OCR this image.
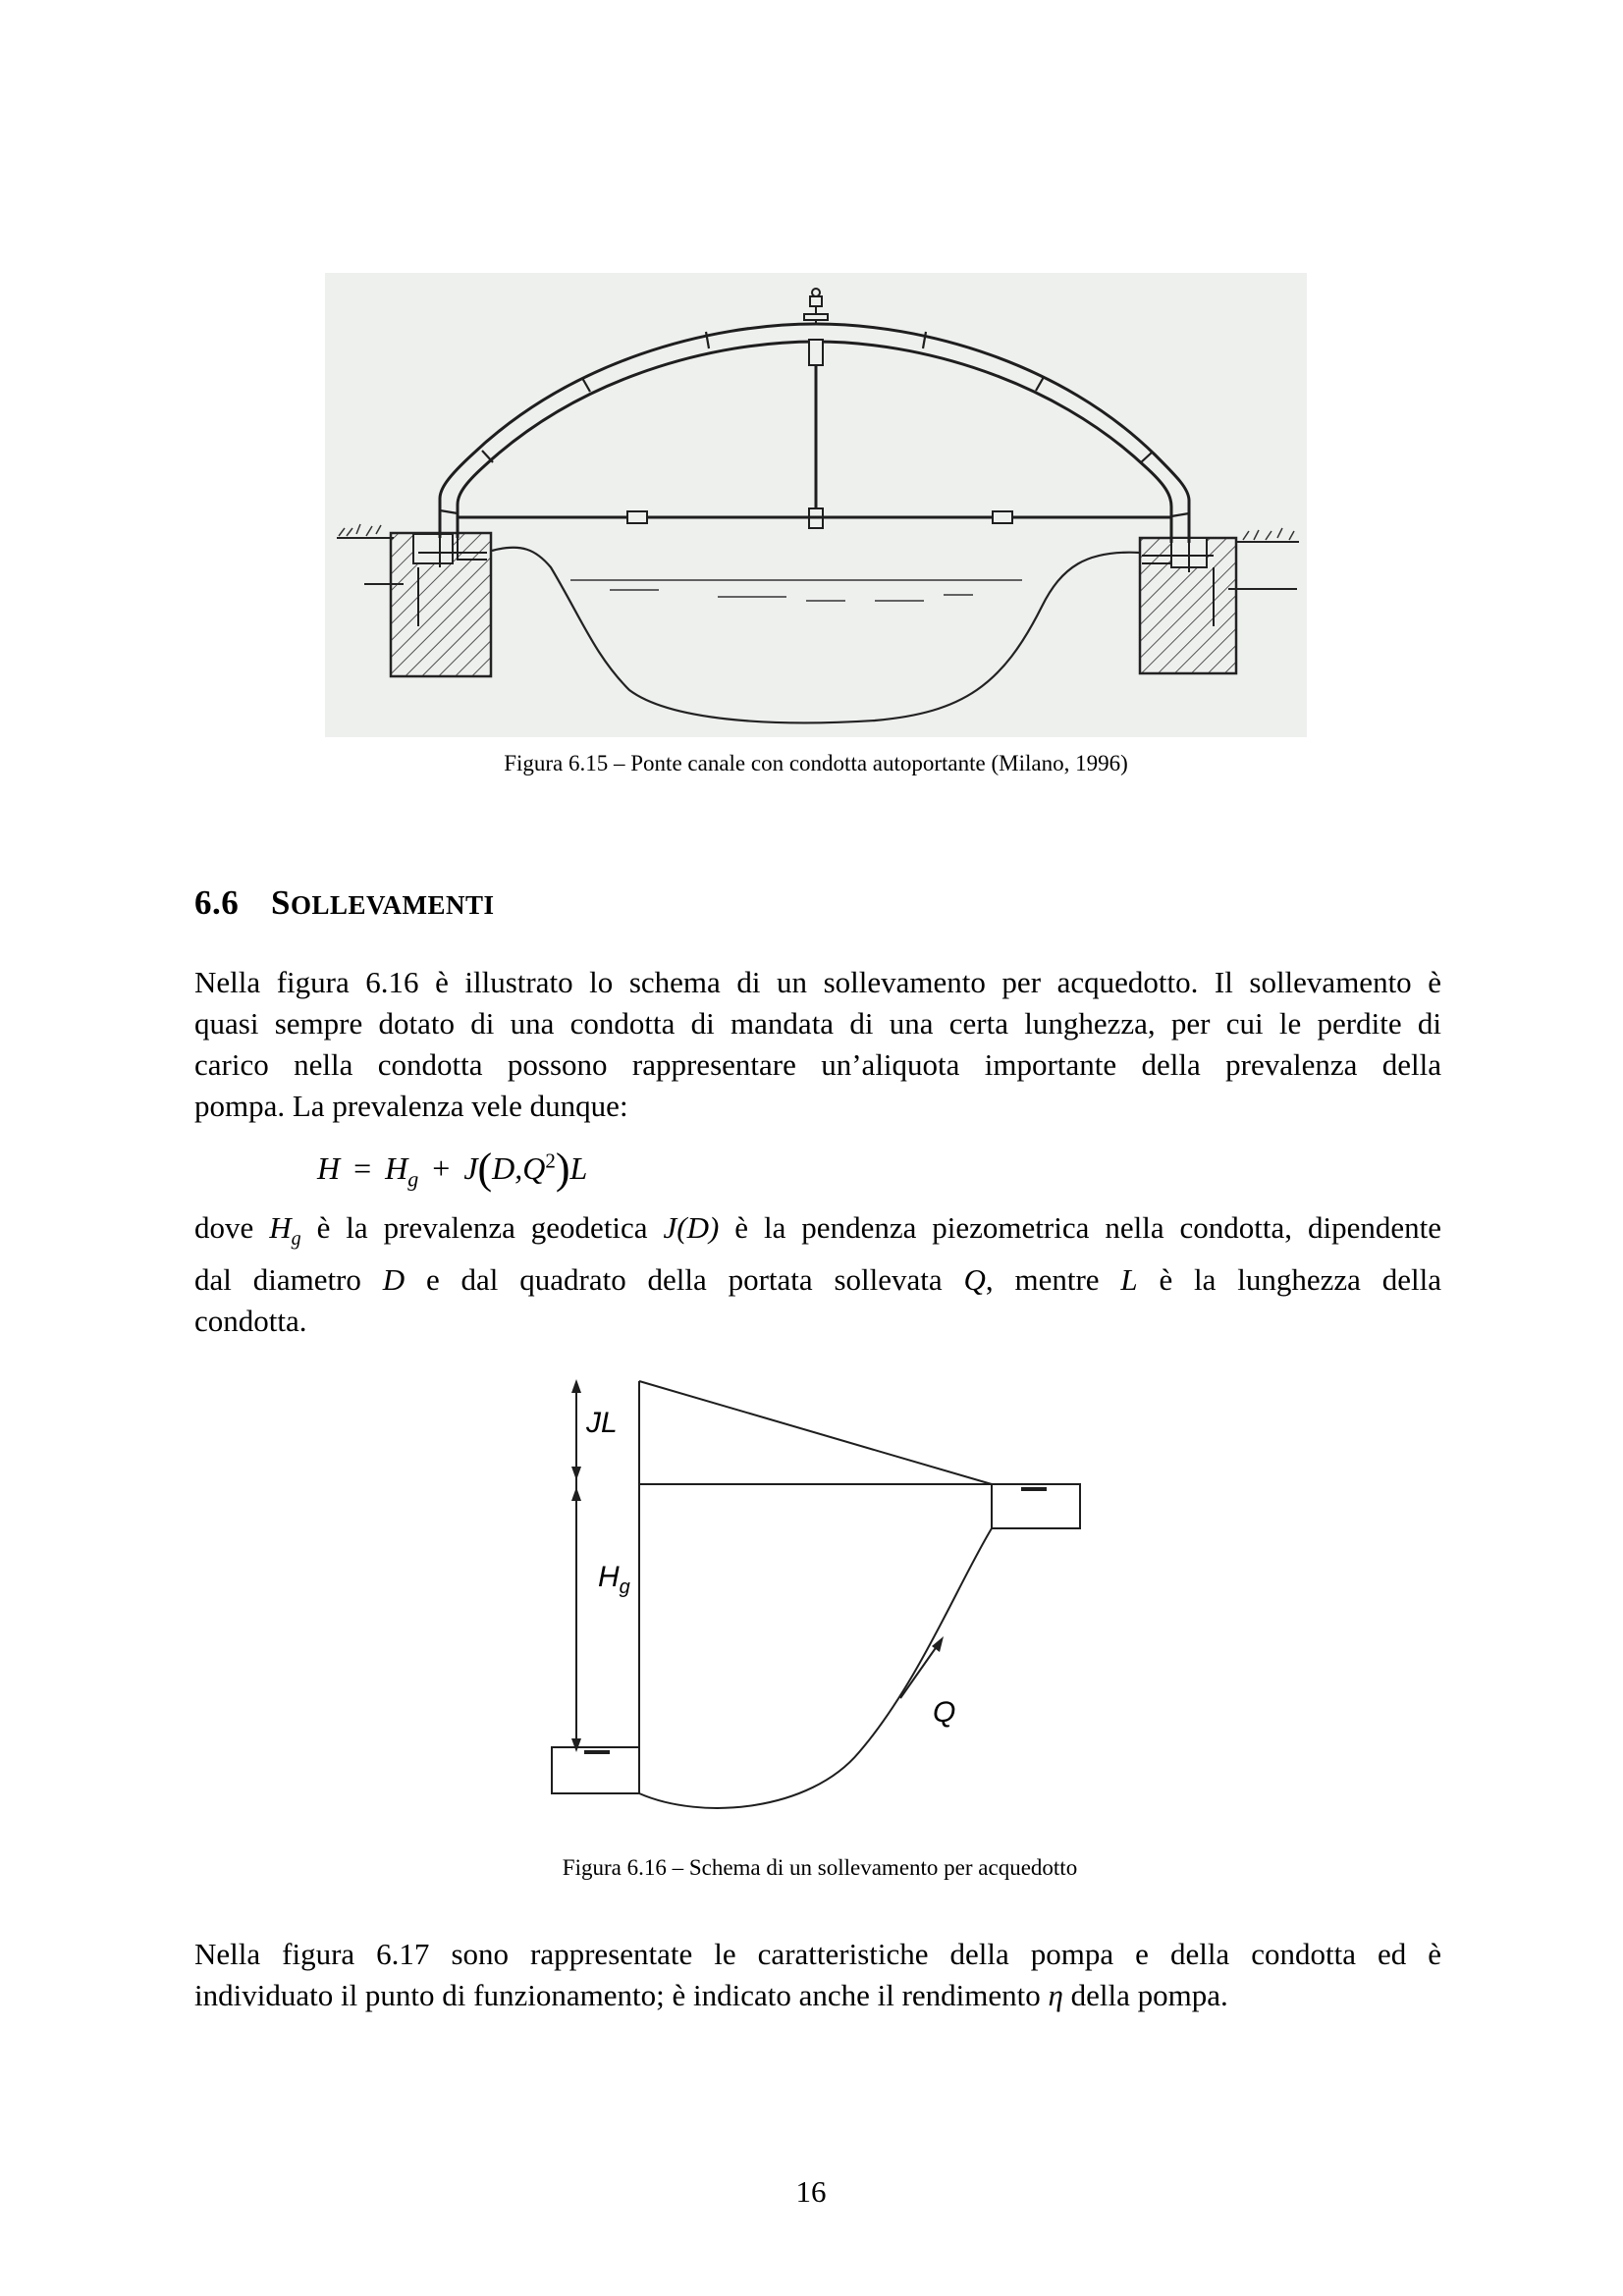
Figura 6.15 – Ponte canale con condotta autoportante (Milano, 1996)
6.6 SOLLEVAMENTI
Nella figura 6.16 è illustrato lo schema di un sollevamento per acquedotto. Il sollevamento è
quasi sempre dotato di una condotta di mandata di una certa lunghezza, per cui le perdite di
carico nella condotta possono rappresentare un’aliquota importante della prevalenza della
pompa. La prevalenza vele dunque:
$H = H_g + J(D,Q^2)L$
dove $H_g$ è la prevalenza geodetica J(D) è la pendenza piezometrica nella condotta, dipendente
dal diametro D e dal quadrato della portata sollevata Q, mentre L è la lunghezza della
condotta.
JL
$H_g$
Q
Figura 6.16 – Schema di un sollevamento per acquedotto
Nella figura 6.17 sono rappresentate le caratteristiche della pompa e della condotta ed è
individuato il punto di funzionamento; è indicato anche il rendimento η della pompa.
16
